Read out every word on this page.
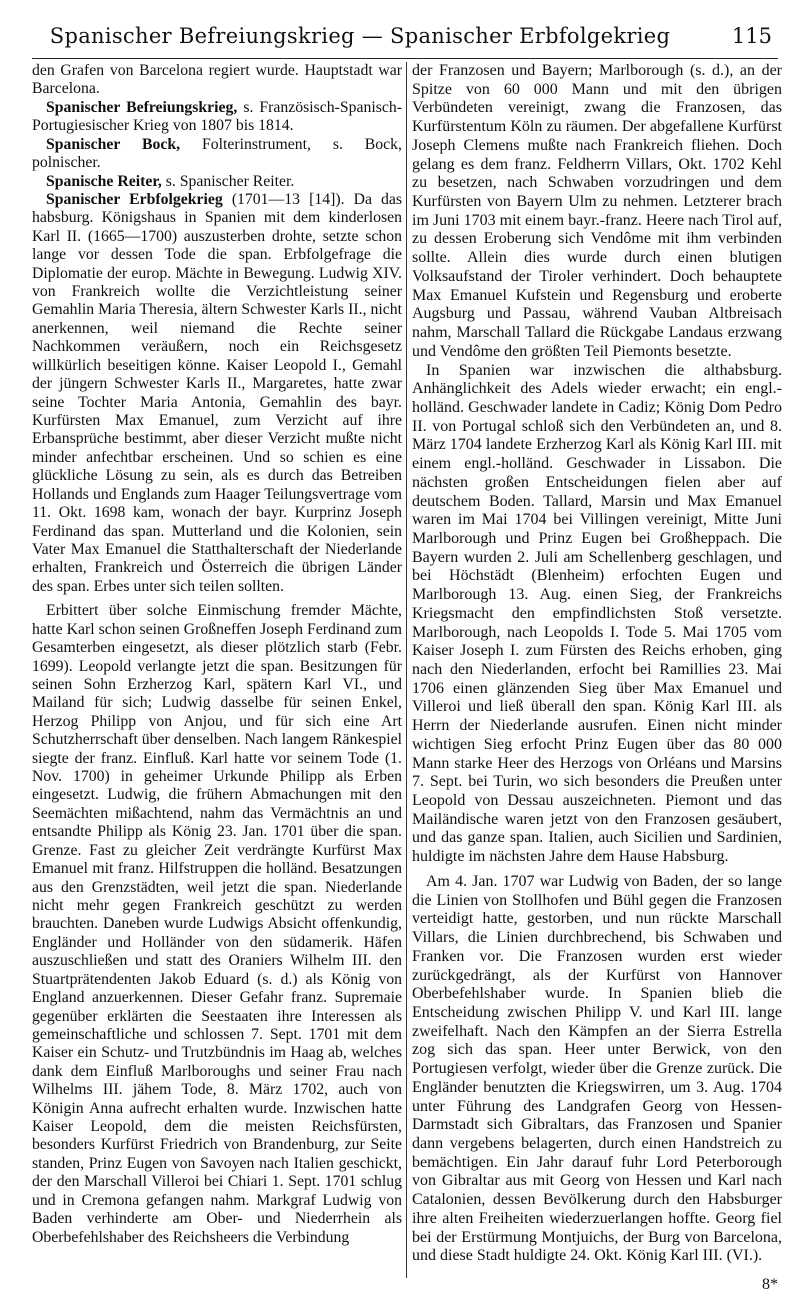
Spanischer Befreiungskrieg — Spanischer Erbfolgekrieg	115

den Grafen von Barcelona regiert wurde. Hauptstadt war Barcelona.

Spanischer Befreiungskrieg, s. Französisch-Spanisch-Portugiesischer Krieg von 1807 bis 1814.

Spanischer Bock, Folterinstrument, s. Bock, polnischer.

Spanische Reiter, s. Spanischer Reiter.

Spanischer Erbfolgekrieg (1701—13 [14]). Da das habsburg. Königshaus in Spanien mit dem kinderlosen Karl II. (1665—1700) auszusterben drohte, setzte schon lange vor dessen Tode die span. Erbfolgefrage die Diplomatie der europ. Mächte in Bewegung. Ludwig XIV. von Frankreich wollte die Verzichtleistung seiner Gemahlin Maria Theresia, ältern Schwester Karls II., nicht anerkennen, weil niemand die Rechte seiner Nachkommen veräußern, noch ein Reichsgesetz willkürlich beseitigen könne. Kaiser Leopold I., Gemahl der jüngern Schwester Karls II., Margaretes, hatte zwar seine Tochter Maria Antonia, Gemahlin des bayr. Kurfürsten Max Emanuel, zum Verzicht auf ihre Erbansprüche bestimmt, aber dieser Verzicht mußte nicht minder anfechtbar erscheinen. Und so schien es eine glückliche Lösung zu sein, als es durch das Betreiben Hollands und Englands zum Haager Teilungsvertrage vom 11. Okt. 1698 kam, wonach der bayr. Kurprinz Joseph Ferdinand das span. Mutterland und die Kolonien, sein Vater Max Emanuel die Statthalterschaft der Niederlande erhalten, Frankreich und Österreich die übrigen Länder des span. Erbes unter sich teilen sollten.

Erbittert über solche Einmischung fremder Mächte, hatte Karl schon seinen Großneffen Joseph Ferdinand zum Gesamterben eingesetzt, als dieser plötzlich starb (Febr. 1699). Leopold verlangte jetzt die span. Besitzungen für seinen Sohn Erzherzog Karl, spätern Karl VI., und Mailand für sich; Ludwig dasselbe für seinen Enkel, Herzog Philipp von Anjou, und für sich eine Art Schutzherrschaft über denselben. Nach langem Ränkespiel siegte der franz. Einfluß. Karl hatte vor seinem Tode (1. Nov. 1700) in geheimer Urkunde Philipp als Erben eingesetzt. Ludwig, die frühern Abmachungen mit den Seemächten mißachtend, nahm das Vermächtnis an und entsandte Philipp als König 23. Jan. 1701 über die span. Grenze. Fast zu gleicher Zeit verdrängte Kurfürst Max Emanuel mit franz. Hilfstruppen die holländ. Besatzungen aus den Grenzstädten, weil jetzt die span. Niederlande nicht mehr gegen Frankreich geschützt zu werden brauchten. Daneben wurde Ludwigs Absicht offenkundig, Engländer und Holländer von den südamerik. Häfen auszuschließen und statt des Oraniers Wilhelm III. den Stuartprätendenten Jakob Eduard (s. d.) als König von England anzuerkennen. Dieser Gefahr franz. Supremaie gegenüber erklärten die Seestaaten ihre Interessen als gemeinschaftliche und schlossen 7. Sept. 1701 mit dem Kaiser ein Schutz- und Trutzbündnis im Haag ab, welches dank dem Einfluß Marlboroughs und seiner Frau nach Wilhelms III. jähem Tode, 8. März 1702, auch von Königin Anna aufrecht erhalten wurde. Inzwischen hatte Kaiser Leopold, dem die meisten Reichsfürsten, besonders Kurfürst Friedrich von Brandenburg, zur Seite standen, Prinz Eugen von Savoyen nach Italien geschickt, der den Marschall Villeroi bei Chiari 1. Sept. 1701 schlug und in Cremona gefangen nahm. Markgraf Ludwig von Baden verhinderte am Ober- und Niederrhein als Oberbefehlshaber des Reichsheers die Verbindung

der Franzosen und Bayern; Marlborough (s. d.), an der Spitze von 60 000 Mann und mit den übrigen Verbündeten vereinigt, zwang die Franzosen, das Kurfürstentum Köln zu räumen. Der abgefallene Kurfürst Joseph Clemens mußte nach Frankreich fliehen. Doch gelang es dem franz. Feldherrn Villars, Okt. 1702 Kehl zu besetzen, nach Schwaben vorzudringen und dem Kurfürsten von Bayern Ulm zu nehmen. Letzterer brach im Juni 1703 mit einem bayr.-franz. Heere nach Tirol auf, zu dessen Eroberung sich Vendôme mit ihm verbinden sollte. Allein dies wurde durch einen blutigen Volksaufstand der Tiroler verhindert. Doch behauptete Max Emanuel Kufstein und Regensburg und eroberte Augsburg und Passau, während Vauban Altbreisach nahm, Marschall Tallard die Rückgabe Landaus erzwang und Vendôme den größten Teil Piemonts besetzte.

In Spanien war inzwischen die althabsburg. Anhänglichkeit des Adels wieder erwacht; ein engl.-holländ. Geschwader landete in Cadiz; König Dom Pedro II. von Portugal schloß sich den Verbündeten an, und 8. März 1704 landete Erzherzog Karl als König Karl III. mit einem engl.-holländ. Geschwader in Lissabon. Die nächsten großen Entscheidungen fielen aber auf deutschem Boden. Tallard, Marsin und Max Emanuel waren im Mai 1704 bei Villingen vereinigt, Mitte Juni Marlborough und Prinz Eugen bei Großheppach. Die Bayern wurden 2. Juli am Schellenberg geschlagen, und bei Höchstädt (Blenheim) erfochten Eugen und Marlborough 13. Aug. einen Sieg, der Frankreichs Kriegsmacht den empfindlichsten Stoß versetzte. Marlborough, nach Leopolds I. Tode 5. Mai 1705 vom Kaiser Joseph I. zum Fürsten des Reichs erhoben, ging nach den Niederlanden, erfocht bei Ramillies 23. Mai 1706 einen glänzenden Sieg über Max Emanuel und Villeroi und ließ überall den span. König Karl III. als Herrn der Niederlande ausrufen. Einen nicht minder wichtigen Sieg erfocht Prinz Eugen über das 80 000 Mann starke Heer des Herzogs von Orléans und Marsins 7. Sept. bei Turin, wo sich besonders die Preußen unter Leopold von Dessau auszeichneten. Piemont und das Mailändische waren jetzt von den Franzosen gesäubert, und das ganze span. Italien, auch Sicilien und Sardinien, huldigte im nächsten Jahre dem Hause Habsburg.

Am 4. Jan. 1707 war Ludwig von Baden, der so lange die Linien von Stollhofen und Bühl gegen die Franzosen verteidigt hatte, gestorben, und nun rückte Marschall Villars, die Linien durchbrechend, bis Schwaben und Franken vor. Die Franzosen wurden erst wieder zurückgedrängt, als der Kurfürst von Hannover Oberbefehlshaber wurde. In Spanien blieb die Entscheidung zwischen Philipp V. und Karl III. lange zweifelhaft. Nach den Kämpfen an der Sierra Estrella zog sich das span. Heer unter Berwick, von den Portugiesen verfolgt, wieder über die Grenze zurück. Die Engländer benutzten die Kriegswirren, um 3. Aug. 1704 unter Führung des Landgrafen Georg von Hessen-Darmstadt sich Gibraltars, das Franzosen und Spanier dann vergebens belagerten, durch einen Handstreich zu bemächtigen. Ein Jahr darauf fuhr Lord Peterborough von Gibraltar aus mit Georg von Hessen und Karl nach Catalonien, dessen Bevölkerung durch den Habsburger ihre alten Freiheiten wiederzuerlangen hoffte. Georg fiel bei der Erstürmung Montjuichs, der Burg von Barcelona, und diese Stadt huldigte 24. Okt. König Karl III. (VI.).

8*
